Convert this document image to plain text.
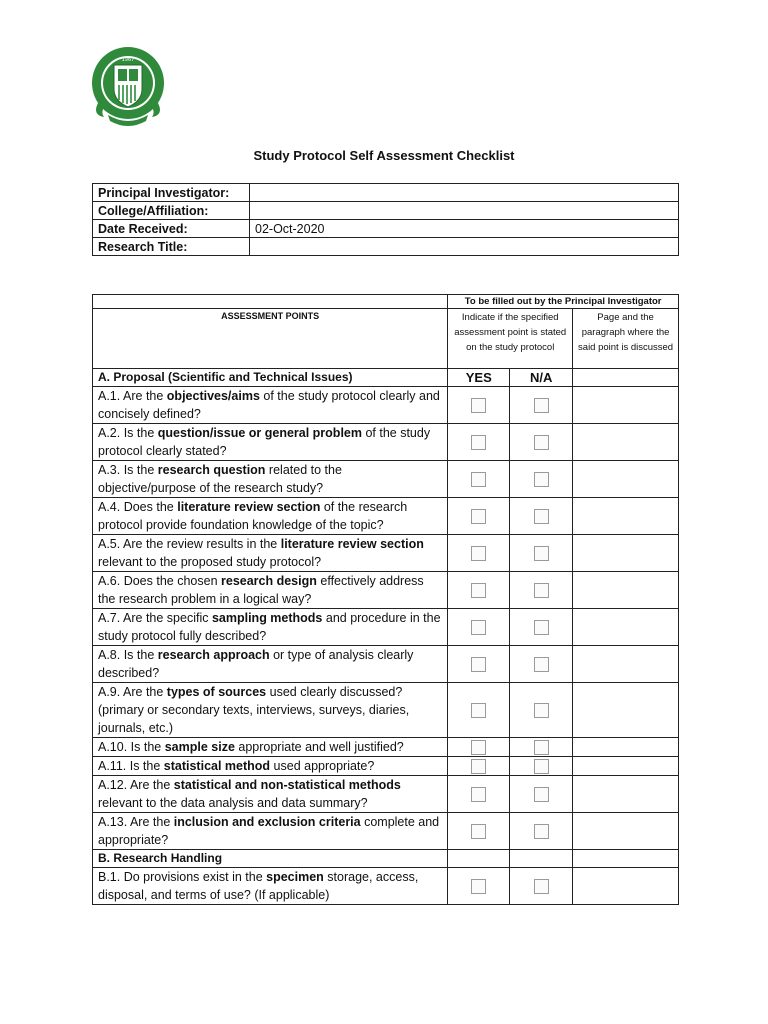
1967
Study Protocol Self Assessment Checklist
Principal Investigator:	
College/Affiliation:	
Date Received:	02-Oct-2020
Research Title:	
	To be filled out by the Principal Investigator		
ASSESSMENT POINTS	Indicate if the specified assessment point is stated on the study protocol		Page and the paragraph where the said point is discussed
A. Proposal (Scientific and Technical Issues)	YES	N/A	
A.1. Are the objectives/aims of the study protocol clearly and concisely defined?			
A.2. Is the question/issue or general problem of the study protocol clearly stated?			
A.3. Is the research question related to the objective/purpose of the research study?			
A.4. Does the literature review section of the research protocol provide foundation knowledge of the topic?			
A.5. Are the review results in the literature review section relevant to the proposed study protocol?			
A.6. Does the chosen research design effectively address the research problem in a logical way?			
A.7. Are the specific sampling methods and procedure in the study protocol fully described?			
A.8. Is the research approach or type of analysis clearly described?			
A.9. Are the types of sources used clearly discussed? (primary or secondary texts, interviews, surveys, diaries, journals, etc.)			
A.10. Is the sample size appropriate and well justified?			
A.11. Is the statistical method used appropriate?			
A.12. Are the statistical and non-statistical methods relevant to the data analysis and data summary?			
A.13. Are the inclusion and exclusion criteria complete and appropriate?			
B. Research Handling			
B.1. Do provisions exist in the specimen storage, access, disposal, and terms of use? (If applicable)			
